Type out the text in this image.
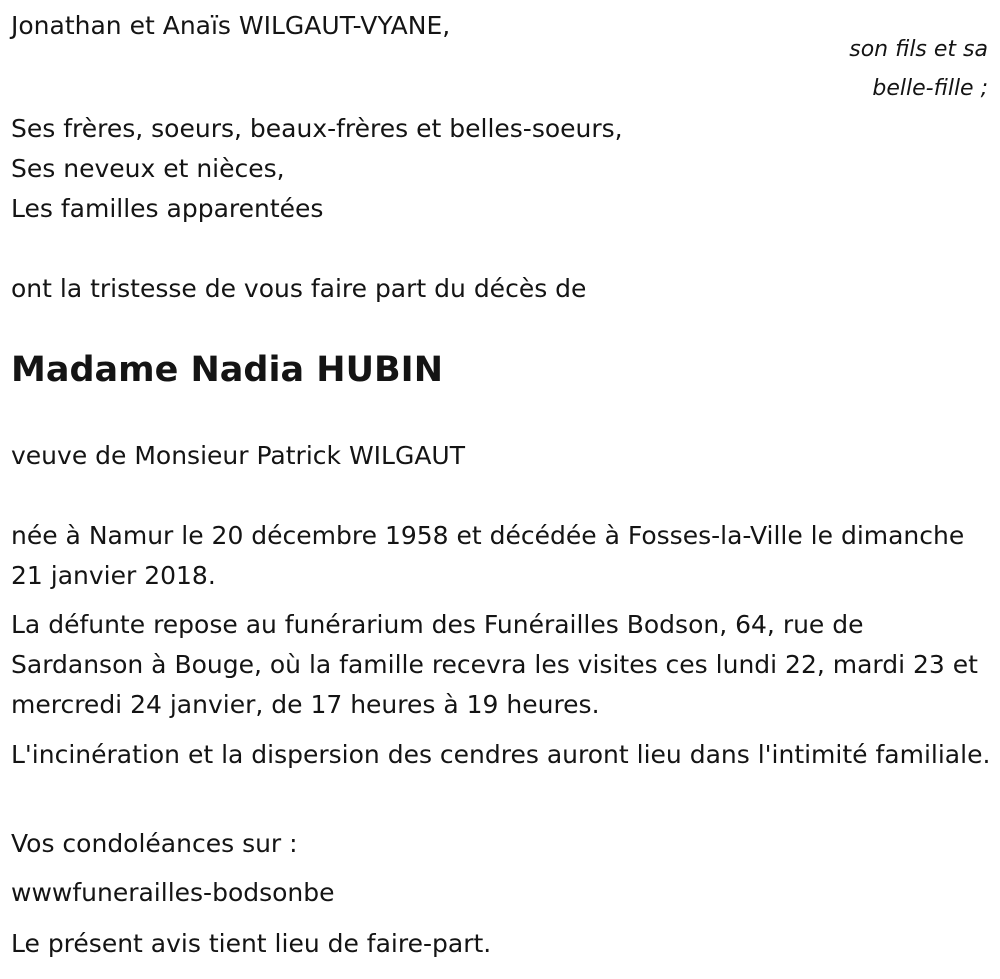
Jonathan et Anaïs WILGAUT-VYANE,

son fils et sa

belle-fille ;

Ses frères, soeurs, beaux-frères et belles-soeurs,

Ses neveux et nièces,

Les familles apparentées

ont la tristesse de vous faire part du décès de

Madame Nadia HUBIN

veuve de Monsieur Patrick WILGAUT

née à Namur le 20 décembre 1958 et décédée à Fosses-la-Ville le dimanche 21 janvier 2018.

La défunte repose au funérarium des Funérailles Bodson, 64, rue de Sardanson à Bouge, où la famille recevra les visites ces lundi 22, mardi 23 et mercredi 24 janvier, de 17 heures à 19 heures.

L'incinération et la dispersion des cendres auront lieu dans l'intimité familiale.

Vos condoléances sur :

wwwfunerailles-bodsonbe

Le présent avis tient lieu de faire-part.
